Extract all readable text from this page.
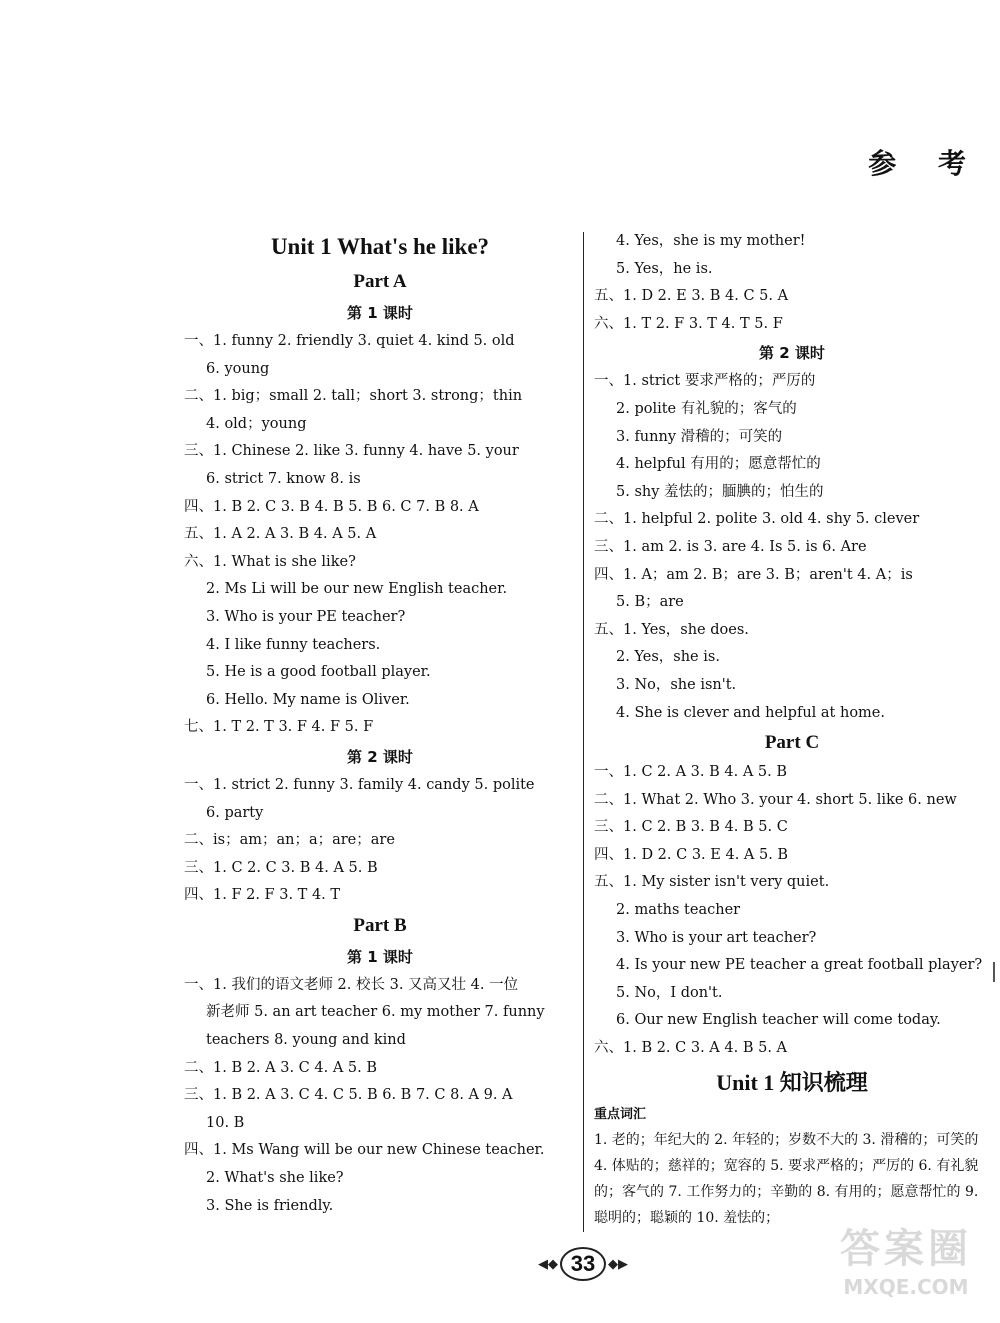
参 考
Unit 1 What's he like?
Part A
第 1 课时
一、1. funny 2. friendly 3. quiet 4. kind 5. old
6. young
二、1. big；small 2. tall；short 3. strong；thin
4. old；young
三、1. Chinese 2. like 3. funny 4. have 5. your
6. strict 7. know 8. is
四、1. B 2. C 3. B 4. B 5. B 6. C 7. B 8. A
五、1. A 2. A 3. B 4. A 5. A
六、1. What is she like?
2. Ms Li will be our new English teacher.
3. Who is your PE teacher?
4. I like funny teachers.
5. He is a good football player.
6. Hello. My name is Oliver.
七、1. T 2. T 3. F 4. F 5. F
第 2 课时
一、1. strict 2. funny 3. family 4. candy 5. polite
6. party
二、is；am；an；a；are；are
三、1. C 2. C 3. B 4. A 5. B
四、1. F 2. F 3. T 4. T
Part B
第 1 课时
一、1. 我们的语文老师 2. 校长 3. 又高又壮 4. 一位
新老师 5. an art teacher 6. my mother 7. funny
teachers 8. young and kind
二、1. B 2. A 3. C 4. A 5. B
三、1. B 2. A 3. C 4. C 5. B 6. B 7. C 8. A 9. A
10. B
四、1. Ms Wang will be our new Chinese teacher.
2. What's she like?
3. She is friendly.
4. Yes，she is my mother!
5. Yes，he is.
五、1. D 2. E 3. B 4. C 5. A
六、1. T 2. F 3. T 4. T 5. F
第 2 课时
一、1. strict 要求严格的；严厉的
2. polite 有礼貌的；客气的
3. funny 滑稽的；可笑的
4. helpful 有用的；愿意帮忙的
5. shy 羞怯的；腼腆的；怕生的
二、1. helpful 2. polite 3. old 4. shy 5. clever
三、1. am 2. is 3. are 4. Is 5. is 6. Are
四、1. A；am 2. B；are 3. B；aren't 4. A；is
5. B；are
五、1. Yes，she does.
2. Yes，she is.
3. No，she isn't.
4. She is clever and helpful at home.
Part C
一、1. C 2. A 3. B 4. A 5. B
二、1. What 2. Who 3. your 4. short 5. like 6. new
三、1. C 2. B 3. B 4. B 5. C
四、1. D 2. C 3. E 4. A 5. B
五、1. My sister isn't very quiet.
2. maths teacher
3. Who is your art teacher?
4. Is your new PE teacher a great football player?
5. No，I don't.
6. Our new English teacher will come today.
六、1. B 2. C 3. A 4. B 5. A
Unit 1 知识梳理
重点词汇
1. 老的；年纪大的 2. 年轻的；岁数不大的 3. 滑稽的；可笑的 4. 体贴的；慈祥的；宽容的 5. 要求严格的；严厉的 6. 有礼貌的；客气的 7. 工作努力的；辛勤的 8. 有用的；愿意帮忙的 9. 聪明的；聪颖的 10. 羞怯的；
◀◆ 33 ◆▶	答案圈
MXQE.COM
